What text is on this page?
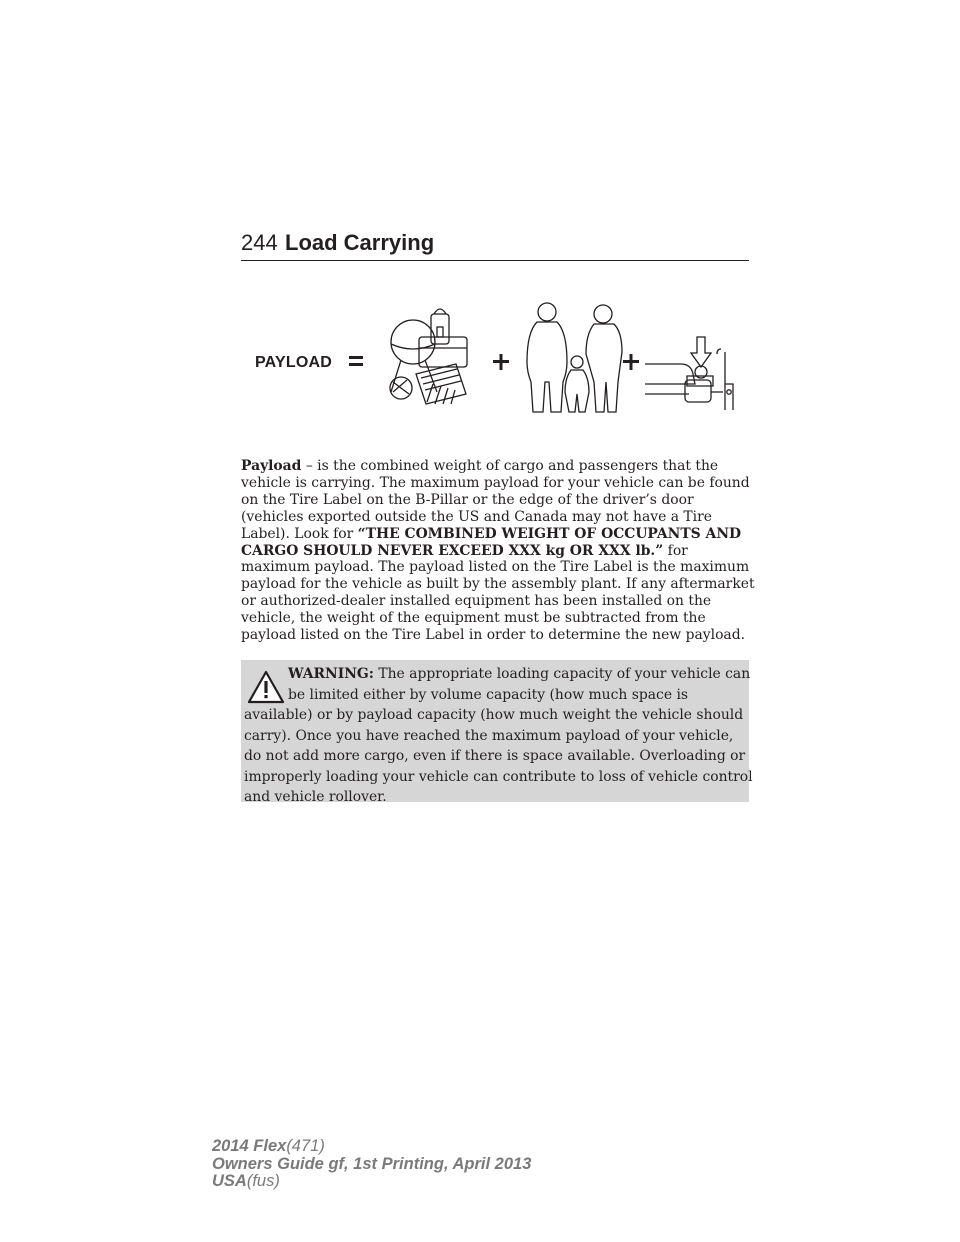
244 Load Carrying
PAYLOAD

Payload – is the combined weight of cargo and passengers that the
vehicle is carrying. The maximum payload for your vehicle can be found
on the Tire Label on the B-Pillar or the edge of the driver’s door
(vehicles exported outside the US and Canada may not have a Tire
Label). Look for “THE COMBINED WEIGHT OF OCCUPANTS AND
CARGO SHOULD NEVER EXCEED XXX kg OR XXX lb.” for
maximum payload. The payload listed on the Tire Label is the maximum
payload for the vehicle as built by the assembly plant. If any aftermarket
or authorized-dealer installed equipment has been installed on the
vehicle, the weight of the equipment must be subtracted from the
payload listed on the Tire Label in order to determine the new payload.

WARNING: The appropriate loading capacity of your vehicle can
be limited either by volume capacity (how much space is
available) or by payload capacity (how much weight the vehicle should
carry). Once you have reached the maximum payload of your vehicle,
do not add more cargo, even if there is space available. Overloading or
improperly loading your vehicle can contribute to loss of vehicle control
and vehicle rollover.
2014 Flex(471)
Owners Guide gf, 1st Printing, April 2013
USA(fus)
